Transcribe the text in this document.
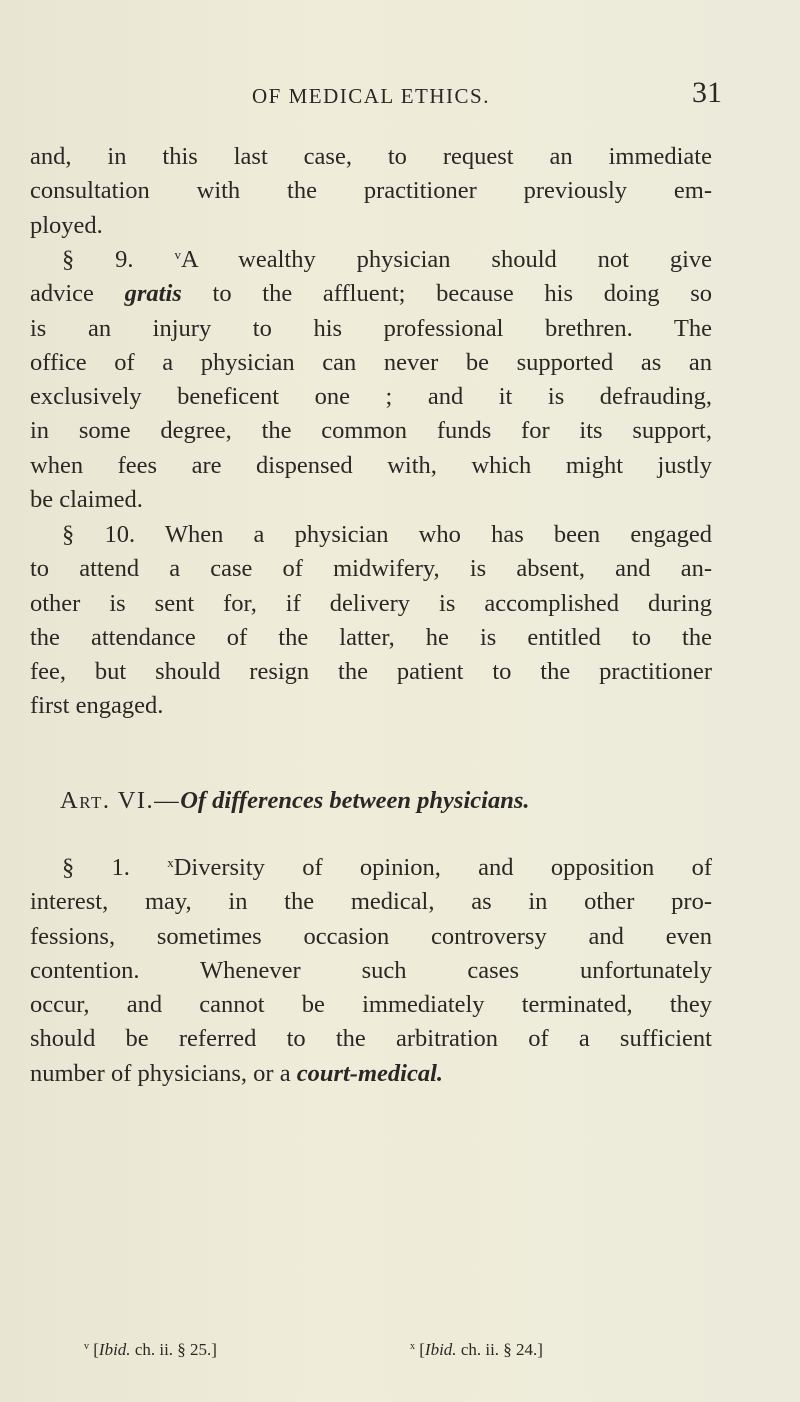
OF MEDICAL ETHICS.	31
and, in this last case, to request an immediate
consultation with the practitioner previously em-
ployed.
§ 9.	$^v$A wealthy physician should not give
advice gratis to the affluent; because his doing so
is an injury to his professional brethren. The
office of a physician can never be supported as an
exclusively beneficent one ; and it is defrauding,
in some degree, the common funds for its support,
when fees are dispensed with, which might justly
be claimed.
§ 10. When a physician who has been engaged
to attend a case of midwifery, is absent, and an-
other is sent for, if delivery is accomplished during
the attendance of the latter, he is entitled to the
fee, but should resign the patient to the practitioner
first engaged.
Art. VI.—Of differences between physicians.
§ 1.	$^x$Diversity of opinion, and opposition of
interest, may, in the medical, as in other pro-
fessions, sometimes occasion controversy and even
contention. Whenever such cases unfortunately
occur, and cannot be immediately terminated, they
should be referred to the arbitration of a sufficient
number of physicians, or a court-medical.
$^v$ [Ibid. ch. ii. § 25.]	$^x$ [Ibid. ch. ii. § 24.]
